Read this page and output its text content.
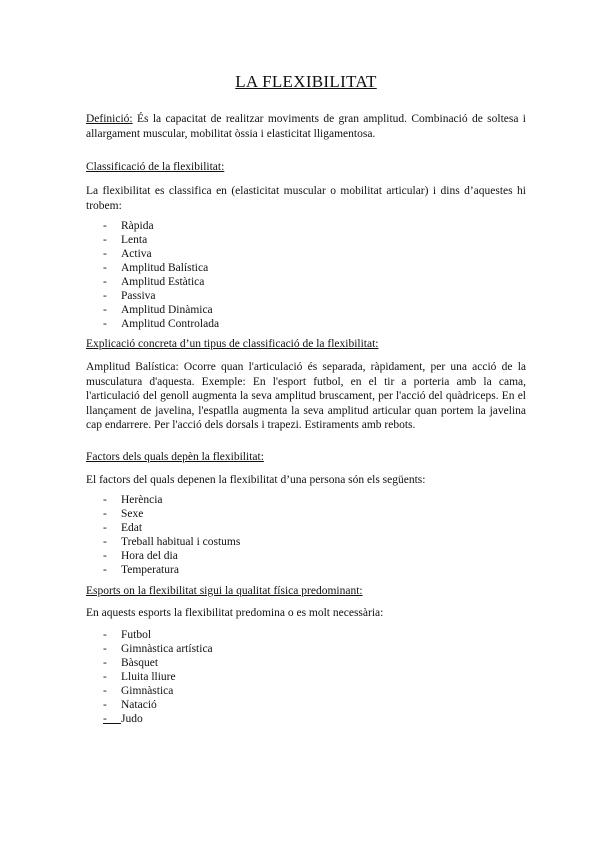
LA FLEXIBILITAT

Definició: És la capacitat de realitzar moviments de gran amplitud. Combinació de soltesa i allargament muscular, mobilitat òssia i elasticitat lligamentosa.

Classificació de la flexibilitat:

La flexibilitat es classifica en (elasticitat muscular o mobilitat articular) i dins d’aquestes hi trobem:

- Ràpida
- Lenta
- Activa
- Amplitud Balística
- Amplitud Estàtica
- Passiva
- Amplitud Dinàmica
- Amplitud Controlada

Explicació concreta d’un tipus de classificació de la flexibilitat:

Amplitud Balística: Ocorre quan l'articulació és separada, ràpidament, per una acció de la musculatura d'aquesta. Exemple: En l'esport futbol, en el tir a porteria amb la cama, l'articulació del genoll augmenta la seva amplitud bruscament, per l'acció del quàdriceps. En el llançament de javelina, l'espatlla augmenta la seva amplitud articular quan portem la javelina cap endarrere. Per l'acció dels dorsals i trapezi. Estiraments amb rebots.

Factors dels quals depèn la flexibilitat:

El factors del quals depenen la flexibilitat d’una persona són els següents:

- Herència
- Sexe
- Edat
- Treball habitual i costums
- Hora del dia
- Temperatura

Esports on la flexibilitat sigui la qualitat física predominant:

En aquests esports la flexibilitat predomina o es molt necessària:

- Futbol
- Gimnàstica artística
- Bàsquet
- Lluita lliure
- Gimnàstica
- Natació
- Judo
